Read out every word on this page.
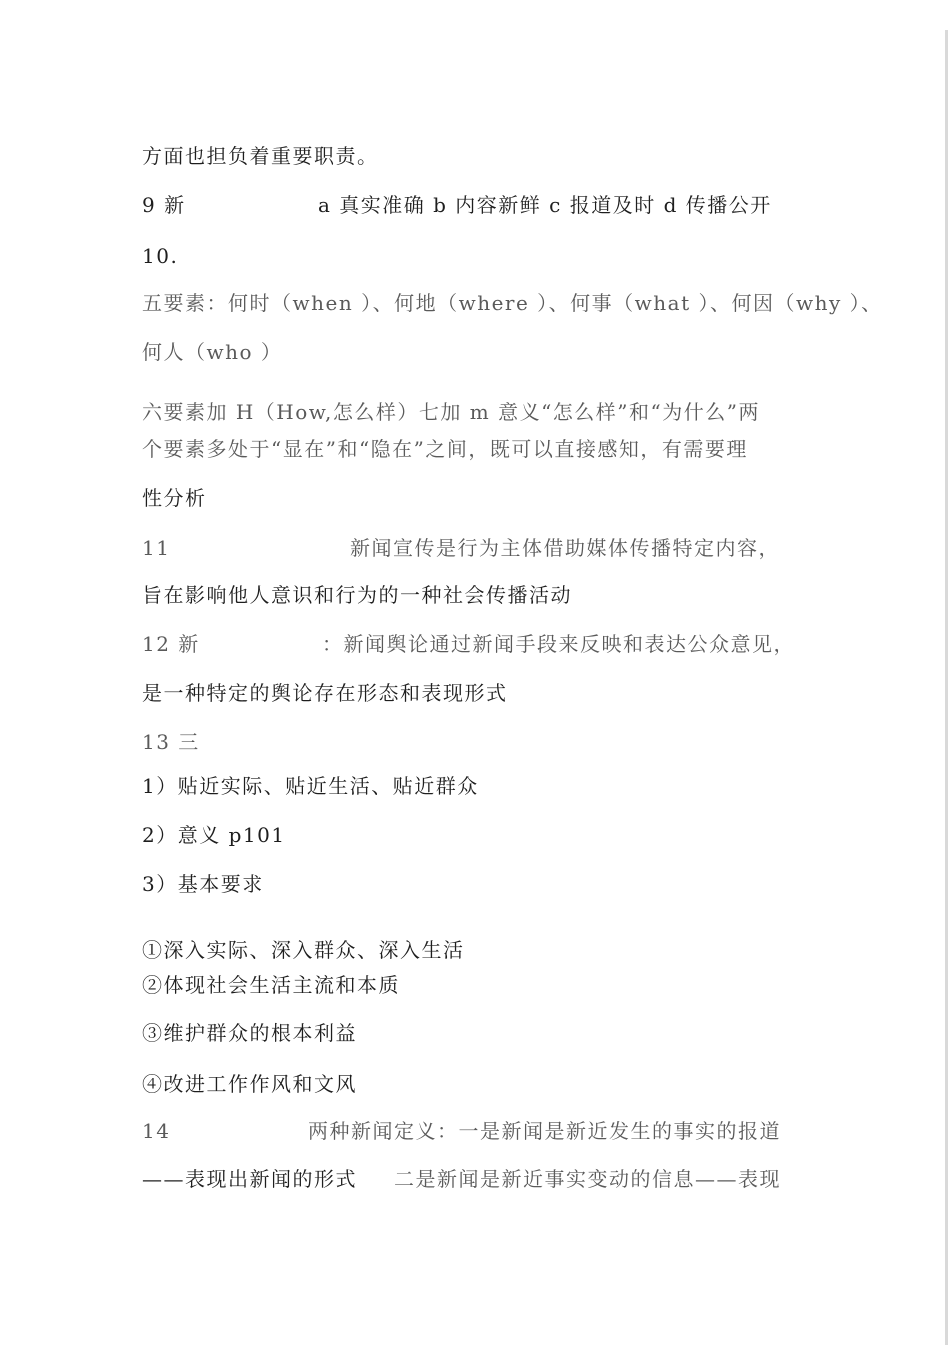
方面也担负着重要职责。
9 新	a 真实准确 b 内容新鲜 c 报道及时 d 传播公开
10.
五要素：何时（when ）、何地（where ）、何事（what ）、何因（why ）、
何人（who ）
六要素加 H（How,怎么样）七加 m 意义“怎么样”和“为什么”两
个要素多处于“显在”和“隐在”之间，既可以直接感知，有需要理
性分析
11	新闻宣传是行为主体借助媒体传播特定内容，
旨在影响他人意识和行为的一种社会传播活动
12 新	：新闻舆论通过新闻手段来反映和表达公众意见，
是一种特定的舆论存在形态和表现形式
13 三
1）贴近实际、贴近生活、贴近群众
2）意义 p101
3）基本要求
①深入实际、深入群众、深入生活
②体现社会生活主流和本质
③维护群众的根本利益
④改进工作作风和文风
14	两种新闻定义：一是新闻是新近发生的事实的报道
——表现出新闻的形式 二是新闻是新近事实变动的信息——表现
